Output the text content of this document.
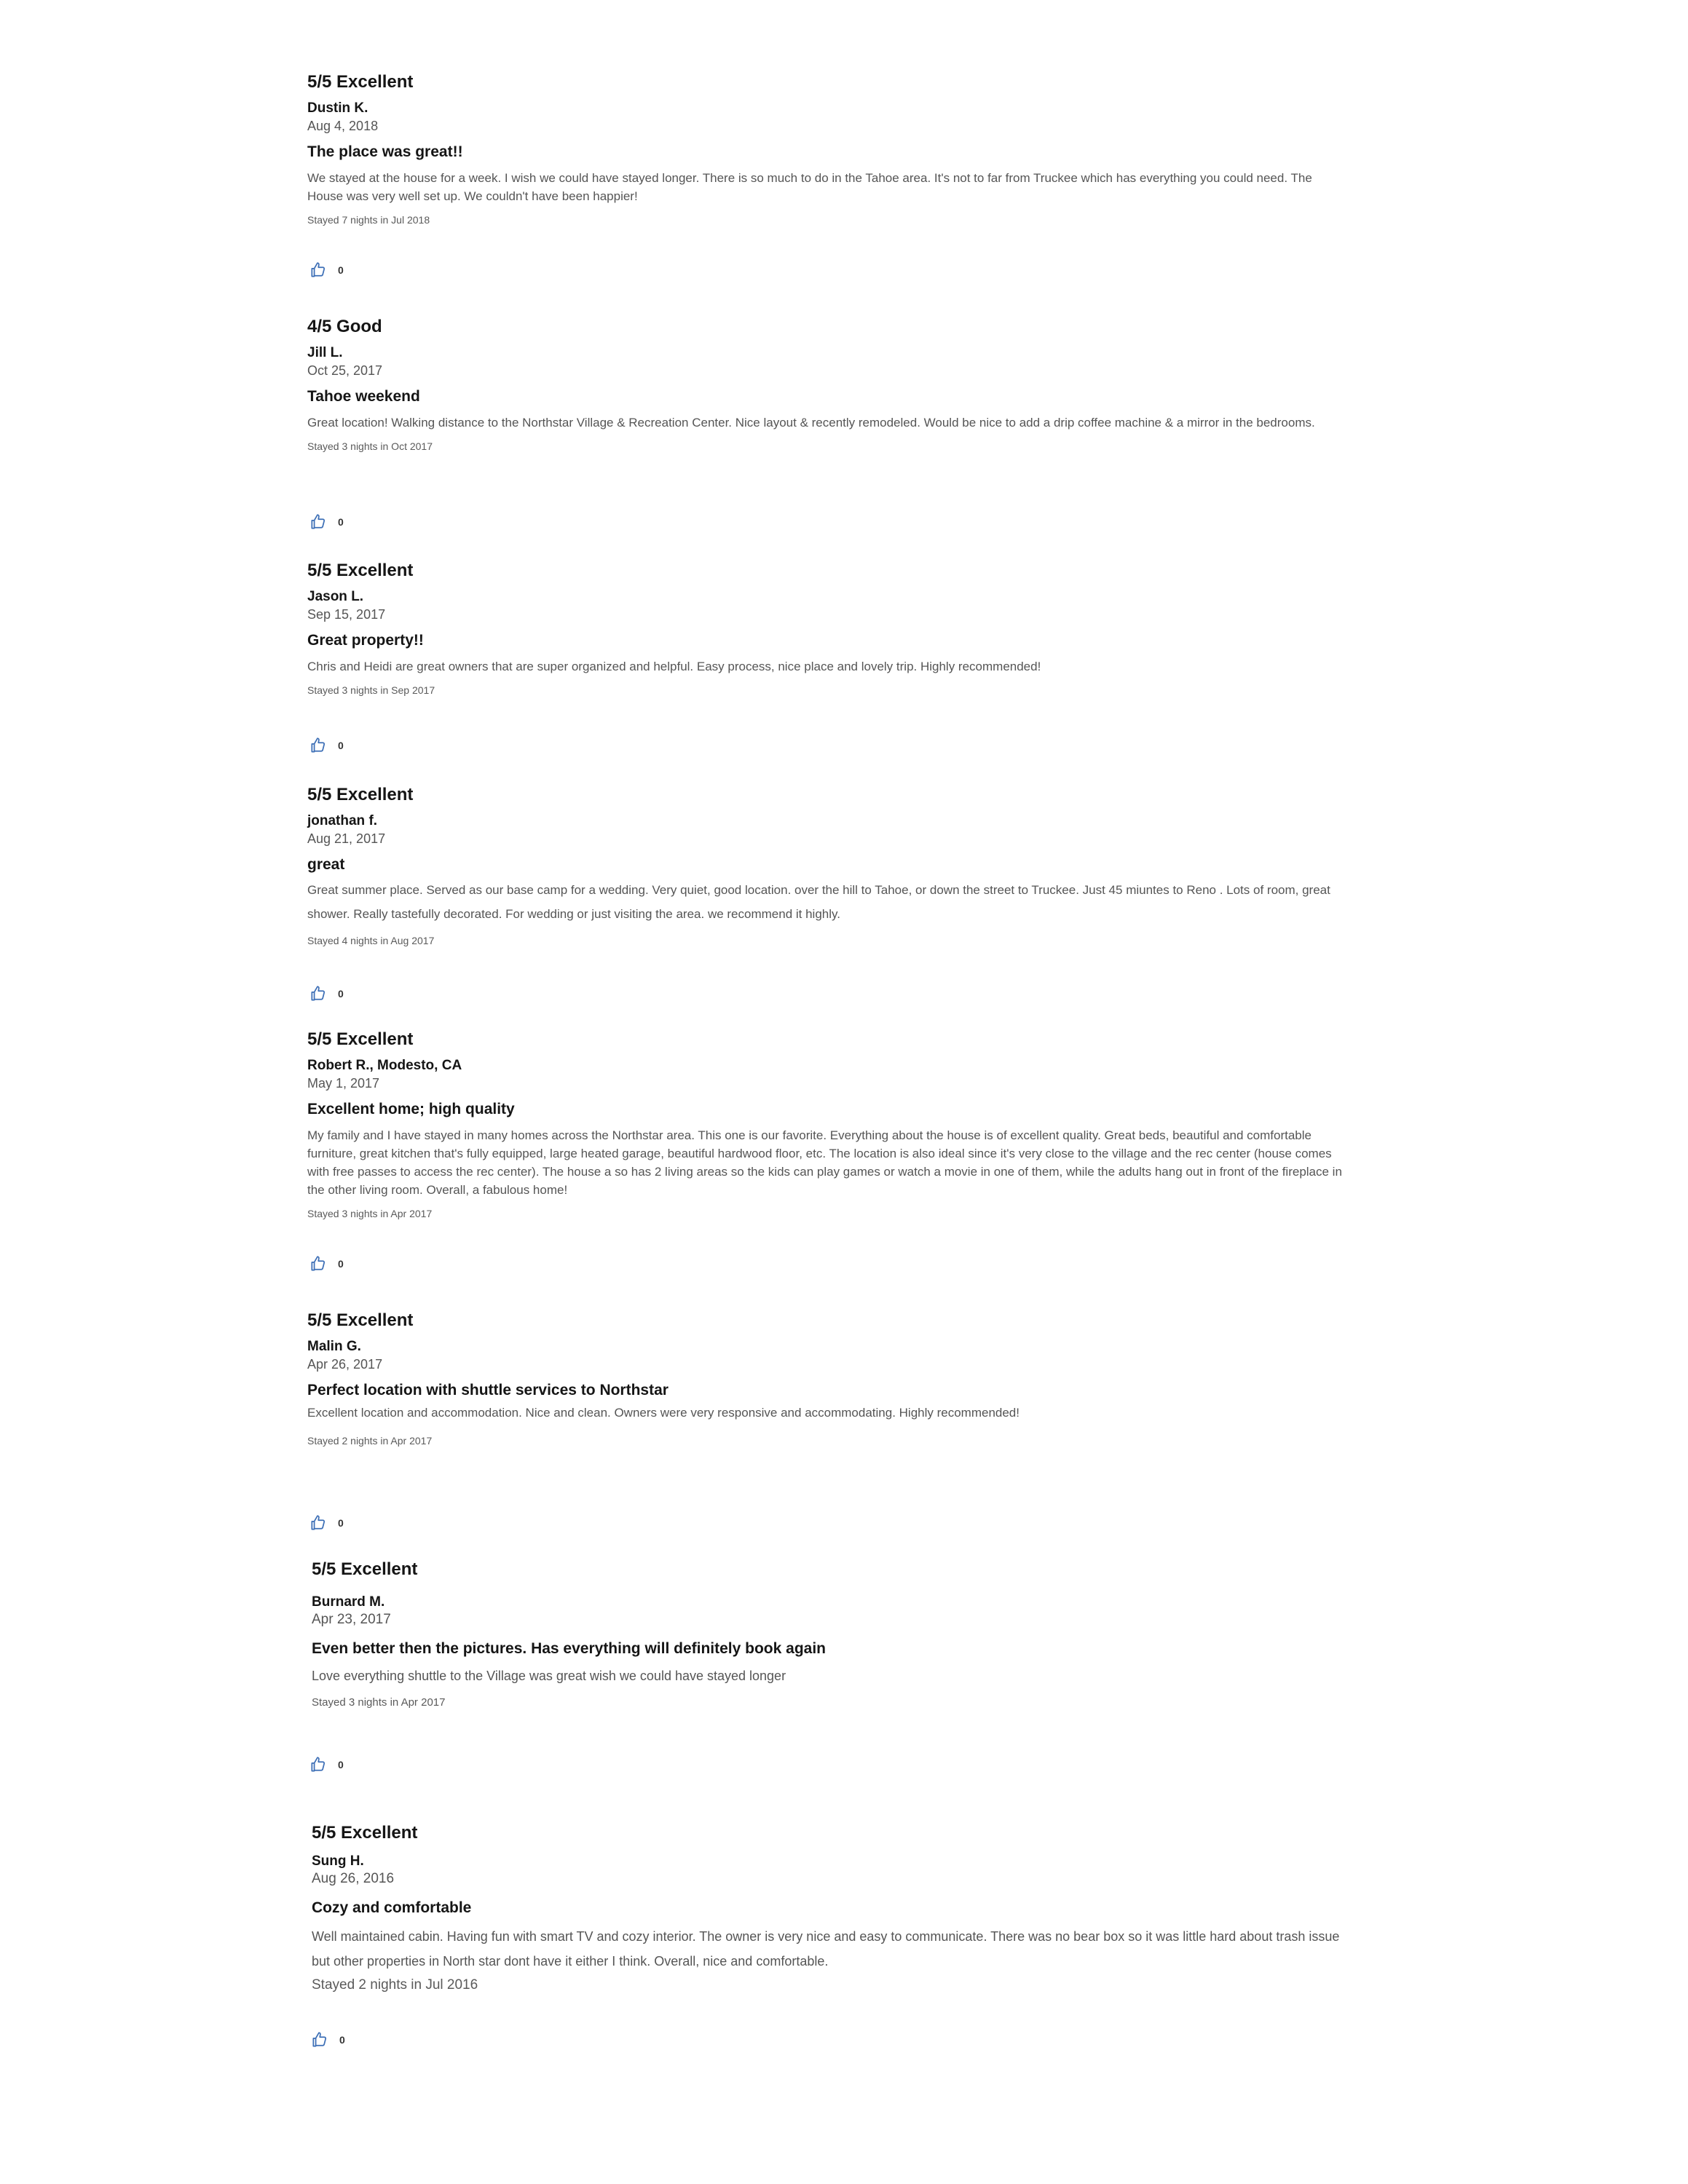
5/5 Excellent
Dustin K.
Aug 4, 2018
The place was great!!
We stayed at the house for a week. I wish we could have stayed longer. There is so much to do in the Tahoe area. It's not to far from Truckee which has everything you could need. The House was very well set up. We couldn't have been happier!
Stayed 7 nights in Jul 2018
0
4/5 Good
Jill L.
Oct 25, 2017
Tahoe weekend
Great location! Walking distance to the Northstar Village & Recreation Center. Nice layout & recently remodeled. Would be nice to add a drip coffee machine & a mirror in the bedrooms.
Stayed 3 nights in Oct 2017
0
5/5 Excellent
Jason L.
Sep 15, 2017
Great property!!
Chris and Heidi are great owners that are super organized and helpful. Easy process, nice place and lovely trip. Highly recommended!
Stayed 3 nights in Sep 2017
0
5/5 Excellent
jonathan f.
Aug 21, 2017
great
Great summer place. Served as our base camp for a wedding. Very quiet, good location. over the hill to Tahoe, or down the street to Truckee. Just 45 miuntes to Reno . Lots of room, great shower. Really tastefully decorated. For wedding or just visiting the area. we recommend it highly.
Stayed 4 nights in Aug 2017
0
5/5 Excellent
Robert R., Modesto, CA
May 1, 2017
Excellent home; high quality
My family and I have stayed in many homes across the Northstar area. This one is our favorite. Everything about the house is of excellent quality. Great beds, beautiful and comfortable furniture, great kitchen that's fully equipped, large heated garage, beautiful hardwood floor, etc. The location is also ideal since it's very close to the village and the rec center (house comes with free passes to access the rec center). The house a so has 2 living areas so the kids can play games or watch a movie in one of them, while the adults hang out in front of the fireplace in the other living room. Overall, a fabulous home!
Stayed 3 nights in Apr 2017
0
5/5 Excellent
Malin G.
Apr 26, 2017
Perfect location with shuttle services to Northstar
Excellent location and accommodation. Nice and clean. Owners were very responsive and accommodating. Highly recommended!
Stayed 2 nights in Apr 2017
0
5/5 Excellent
Burnard M.
Apr 23, 2017
Even better then the pictures. Has everything will definitely book again
Love everything shuttle to the Village was great wish we could have stayed longer
Stayed 3 nights in Apr 2017
0
5/5 Excellent
Sung H.
Aug 26, 2016
Cozy and comfortable
Well maintained cabin. Having fun with smart TV and cozy interior. The owner is very nice and easy to communicate. There was no bear box so it was little hard about trash issue but other properties in North star dont have it either I think. Overall, nice and comfortable.
Stayed 2 nights in Jul 2016
0
